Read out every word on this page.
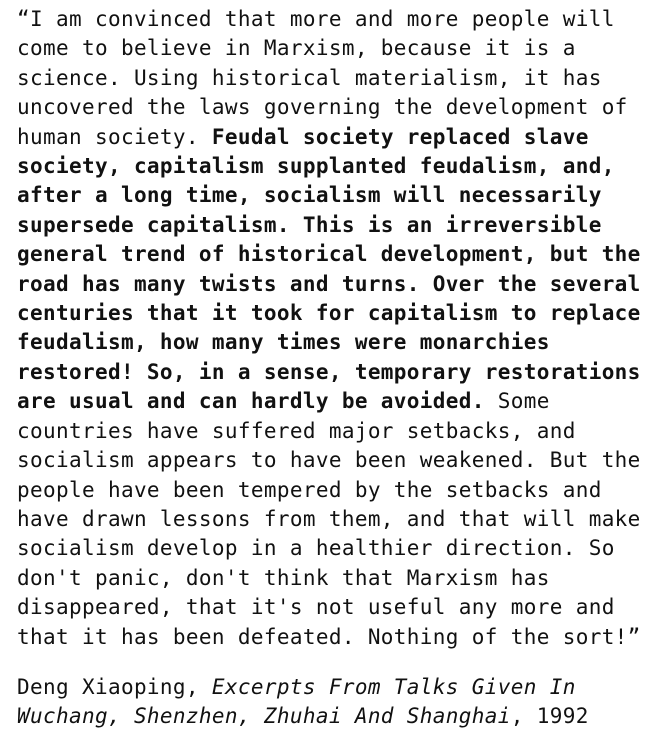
“I am convinced that more and more people will
come to believe in Marxism, because it is a
science. Using historical materialism, it has
uncovered the laws governing the development of
human society. Feudal society replaced slave
society, capitalism supplanted feudalism, and,
after a long time, socialism will necessarily
supersede capitalism. This is an irreversible
general trend of historical development, but the
road has many twists and turns. Over the several
centuries that it took for capitalism to replace
feudalism, how many times were monarchies
restored! So, in a sense, temporary restorations
are usual and can hardly be avoided. Some
countries have suffered major setbacks, and
socialism appears to have been weakened. But the
people have been tempered by the setbacks and
have drawn lessons from them, and that will make
socialism develop in a healthier direction. So
don't panic, don't think that Marxism has
disappeared, that it's not useful any more and
that it has been defeated. Nothing of the sort!”
Deng Xiaoping, Excerpts From Talks Given In
Wuchang, Shenzhen, Zhuhai And Shanghai, 1992
